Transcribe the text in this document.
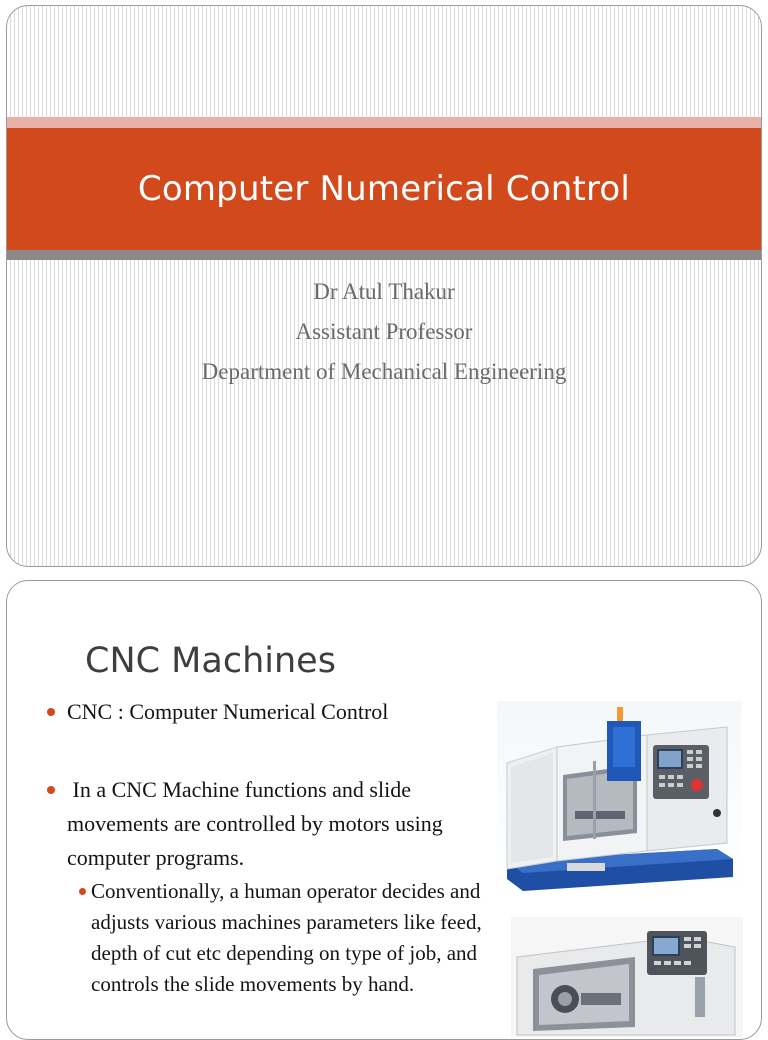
Computer Numerical Control
Dr Atul Thakur
Assistant Professor
Department of Mechanical Engineering
CNC Machines
CNC : Computer Numerical Control
In a CNC Machine functions and slide movements are controlled by motors using computer programs.
Conventionally, a human operator decides and adjusts various machines parameters like feed, depth of cut etc depending on type of job, and controls the slide movements by hand.
